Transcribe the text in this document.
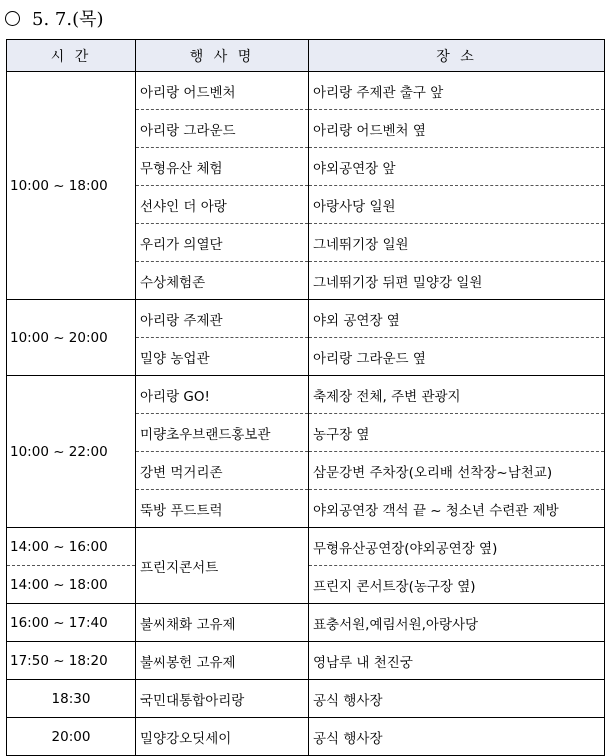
5. 7.(목)
시 간	행 사 명	장 소
10:00 ~ 18:00	아리랑 어드벤처	아리랑 주제관 출구 앞
	아리랑 그라운드	아리랑 어드벤처 옆
	무형유산 체험	야외공연장 앞
	선샤인 더 아랑	아랑사당 일원
	우리가 의열단	그네뛰기장 일원
	수상체험존	그네뛰기장 뒤편 밀양강 일원
10:00 ~ 20:00	아리랑 주제관	야외 공연장 옆
	밀양 농업관	아리랑 그라운드 옆
10:00 ~ 22:00	아리랑 GO!	축제장 전체, 주변 관광지
	미량초우브랜드홍보관	농구장 옆
	강변 먹거리존	삼문강변 주차장(오리배 선착장~남천교)
	뚝방 푸드트럭	야외공연장 객석 끝 ~ 청소년 수련관 제방
14:00 ~ 16:00	프린지콘서트	무형유산공연장(야외공연장 옆)
14:00 ~ 18:00		프린지 콘서트장(농구장 옆)
16:00 ~ 17:40	불씨채화 고유제	표충서원,예림서원,아랑사당
17:50 ~ 18:20	불씨봉헌 고유제	영남루 내 천진궁
18:30	국민대통합아리랑	공식 행사장
20:00	밀양강오딧세이	공식 행사장
